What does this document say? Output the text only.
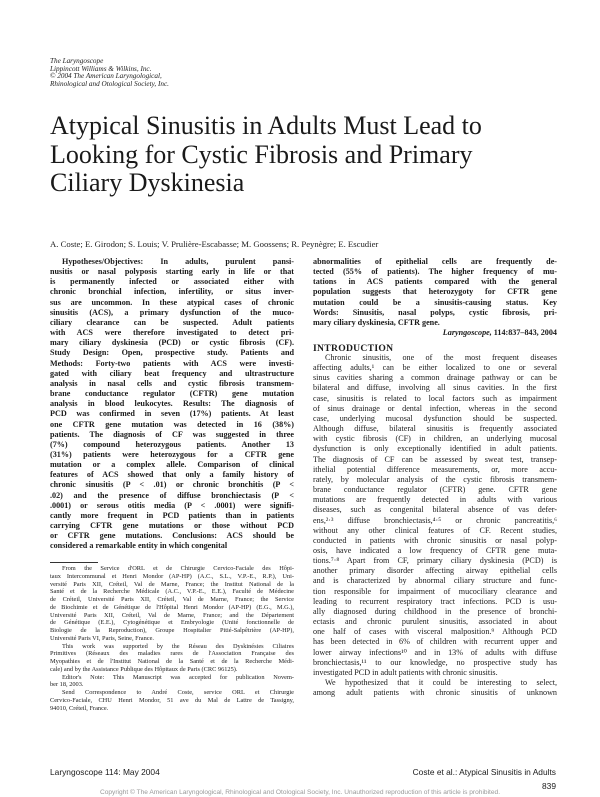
The Laryngoscope
Lippincott Williams & Wilkins, Inc.
© 2004 The American Laryngological,
Rhinological and Otological Society, Inc.
Atypical Sinusitis in Adults Must Lead to
Looking for Cystic Fibrosis and Primary
Ciliary Dyskinesia
A. Coste; E. Girodon; S. Louis; V. Prulière-Escabasse; M. Goossens; R. Peynègre; E. Escudier
Hypotheses/Objectives: In adults, purulent pansi-
nusitis or nasal polyposis starting early in life or that
is permanently infected or associated either with
chronic bronchial infection, infertility, or situs inver-
sus are uncommon. In these atypical cases of chronic
sinusitis (ACS), a primary dysfunction of the muco-
ciliary clearance can be suspected. Adult patients
with ACS were therefore investigated to detect pri-
mary ciliary dyskinesia (PCD) or cystic fibrosis (CF).
Study Design: Open, prospective study. Patients and
Methods: Forty-two patients with ACS were investi-
gated with ciliary beat frequency and ultrastructure
analysis in nasal cells and cystic fibrosis transmem-
brane conductance regulator (CFTR) gene mutation
analysis in blood leukocytes. Results: The diagnosis of
PCD was confirmed in seven (17%) patients. At least
one CFTR gene mutation was detected in 16 (38%)
patients. The diagnosis of CF was suggested in three
(7%) compound heterozygous patients. Another 13
(31%) patients were heterozygous for a CFTR gene
mutation or a complex allele. Comparison of clinical
features of ACS showed that only a family history of
chronic sinusitis (P < .01) or chronic bronchitis (P <
.02) and the presence of diffuse bronchiectasis (P <
.0001) or serous otitis media (P < .0001) were signifi-
cantly more frequent in PCD patients than in patients
carrying CFTR gene mutations or those without PCD
or CFTR gene mutations. Conclusions: ACS should be
considered a remarkable entity in which congenital
abnormalities of epithelial cells are frequently de-
tected (55% of patients). The higher frequency of mu-
tations in ACS patients compared with the general
population suggests that heterozygoty for CFTR gene
mutation could be a sinusitis-causing status. Key
Words: Sinusitis, nasal polyps, cystic fibrosis, pri-
mary ciliary dyskinesia, CFTR gene.
Laryngoscope, 114:837–843, 2004
INTRODUCTION
Chronic sinusitis, one of the most frequent diseases
affecting adults,¹ can be either localized to one or several
sinus cavities sharing a common drainage pathway or can be
bilateral and diffuse, involving all sinus cavities. In the first
case, sinusitis is related to local factors such as impairment
of sinus drainage or dental infection, whereas in the second
case, underlying mucosal dysfunction should be suspected.
Although diffuse, bilateral sinusitis is frequently associated
with cystic fibrosis (CF) in children, an underlying mucosal
dysfunction is only exceptionally identified in adult patients.
The diagnosis of CF can be assessed by sweat test, transep-
ithelial potential difference measurements, or, more accu-
rately, by molecular analysis of the cystic fibrosis transmem-
brane conductance regulator (CFTR) gene. CFTR gene
mutations are frequently detected in adults with various
diseases, such as congenital bilateral absence of vas defer-
ens,²·³ diffuse bronchiectasis,⁴·⁵ or chronic pancreatitis,⁶
without any other clinical features of CF. Recent studies,
conducted in patients with chronic sinusitis or nasal polyp-
osis, have indicated a low frequency of CFTR gene muta-
tions.⁷·⁸ Apart from CF, primary ciliary dyskinesia (PCD) is
another primary disorder affecting airway epithelial cells
and is characterized by abnormal ciliary structure and func-
tion responsible for impairment of mucociliary clearance and
leading to recurrent respiratory tract infections. PCD is usu-
ally diagnosed during childhood in the presence of bronchi-
ectasis and chronic purulent sinusitis, associated in about
one half of cases with visceral malposition.⁹ Although PCD
has been detected in 6% of children with recurrent upper and
lower airway infections¹⁰ and in 13% of adults with diffuse
bronchiectasis,¹¹ to our knowledge, no prospective study has
investigated PCD in adult patients with chronic sinusitis.
We hypothesized that it could be interesting to select,
among adult patients with chronic sinusitis of unknown
From the Service d'ORL et de Chirurgie Cervico-Faciale des Hôpi-
taux Intercommunal et Henri Mondor (AP-HP) (A.C., S.L., V.P.-E., R.P.), Uni-
versité Paris XII, Créteil, Val de Marne, France; the Institut National de la
Santé et de la Recherche Médicale (A.C., V.P.-E., E.E.), Faculté de Médecine
de Créteil, Université Paris XII, Créteil, Val de Marne, France; the Service
de Biochimie et de Génétique de l'Hôpital Henri Mondor (AP-HP) (E.G., M.G.),
Université Paris XII, Créteil, Val de Marne, France; and the Département
de Génétique (E.E.), Cytogénétique et Embryologie (Unité fonctionnelle de
Biologie de la Reproduction), Groupe Hospitalier Pitié-Salpêtrière (AP-HP),
Université Paris VI, Paris, Seine, France.
This work was supported by the Réseau des Dyskinésies Ciliaires
Primitives (Réseaux des maladies rares de l'Association Française des
Myopathies et de l'Institut National de la Santé et de la Recherche Médi-
cale) and by the Assistance Publique des Hôpitaux de Paris (CRC 96125).
Editor's Note: This Manuscript was accepted for publication Novem-
ber 18, 2003.
Send Correspondence to André Coste, service ORL et Chirurgie
Cervico-Faciale, CHU Henri Mondor, 51 ave du Mal de Lattre de Tassigny,
94010, Créteil, France.
Laryngoscope 114: May 2004	Coste et al.: Atypical Sinusitis in Adults
839
Copyright © The American Laryngological, Rhinological and Otological Society, Inc. Unauthorized reproduction of this article is prohibited.
